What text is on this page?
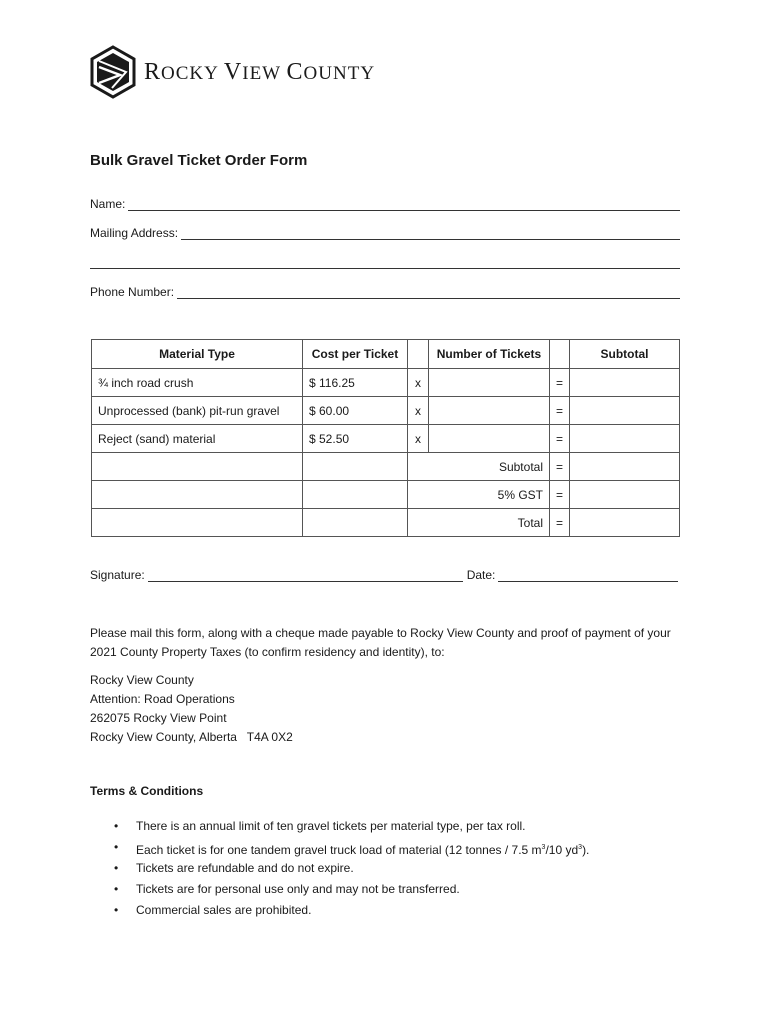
ROCKY VIEW COUNTY
Bulk Gravel Ticket Order Form
Name:
Mailing Address:
Phone Number:
Material Type	Cost per Ticket		Number of Tickets		Subtotal
¾ inch road crush	$ 116.25	x		=	
Unprocessed (bank) pit-run gravel	$ 60.00	x		=	
Reject (sand) material	$ 52.50	x		=	
		Subtotal		=	
		5% GST		=	
		Total		=	
Signature:	Date:
Please mail this form, along with a cheque made payable to Rocky View County and proof of payment of your 2021 County Property Taxes (to confirm residency and identity), to:
Rocky View County
Attention: Road Operations
262075 Rocky View Point
Rocky View County, Alberta   T4A 0X2
Terms & Conditions
•	There is an annual limit of ten gravel tickets per material type, per tax roll.
•	Each ticket is for one tandem gravel truck load of material (12 tonnes / 7.5 $m^3/10$ $yd^3$).
•	Tickets are refundable and do not expire.
•	Tickets are for personal use only and may not be transferred.
•	Commercial sales are prohibited.
